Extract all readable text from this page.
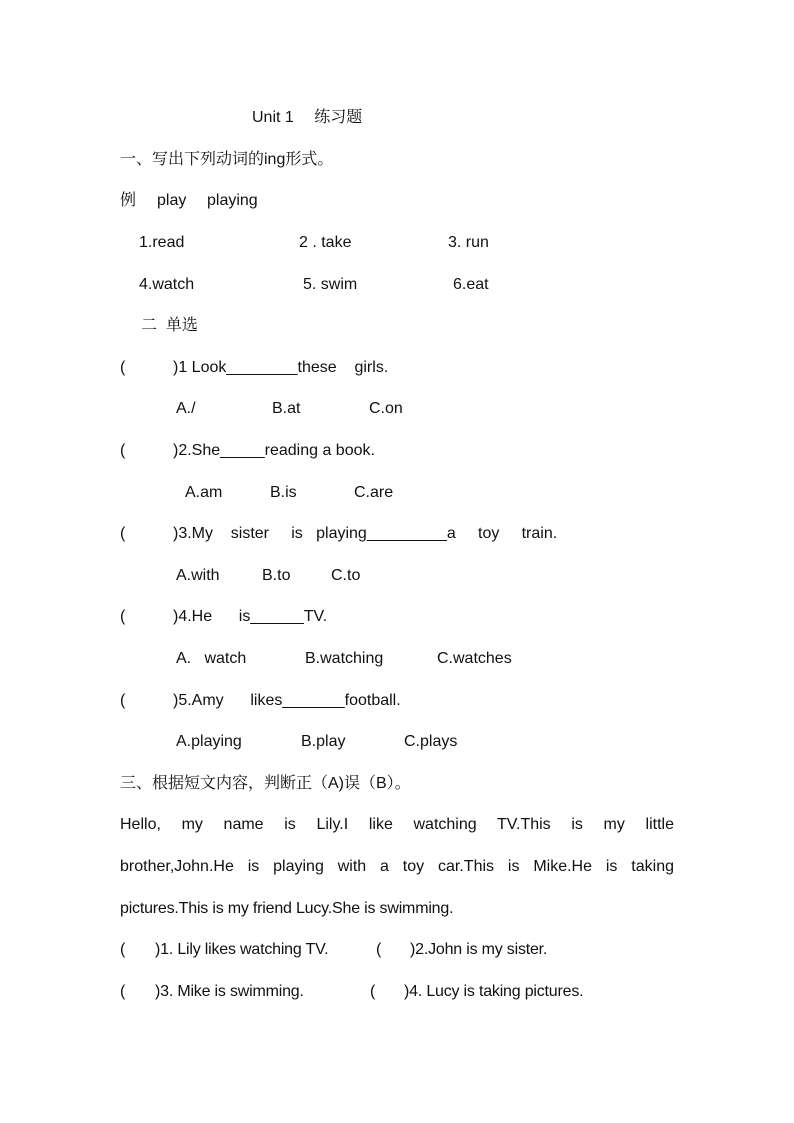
Unit 1　 练习题
一、写出下列动词的ing形式。
例 play playing
1.read	2 . take	3. run
4.watch	5. swim	6.eat
二  单选
(	)1 Look________these    girls.
A./	B.at	C.on
(	)2.She_____reading a book.
A.am	B.is	C.are
(	)3.My    sister     is   playing_________a     toy     train.
A.with	B.to	C.to
(	)4.He      is______TV.
A.   watch	B.watching	C.watches
(	)5.Amy      likes_______football.
A.playing	B.play	C.plays
三、根据短文内容，判断正（A)误（B）。
Hello, my name is Lily.I like watching TV.This is my little
brother,John.He is playing with a toy car.This is Mike.He is taking
pictures.This is my friend Lucy.She is swimming.
( )1. Lily likes watching TV.	( )2.John is my sister.
( )3. Mike is swimming.	( )4. Lucy is taking pictures.
